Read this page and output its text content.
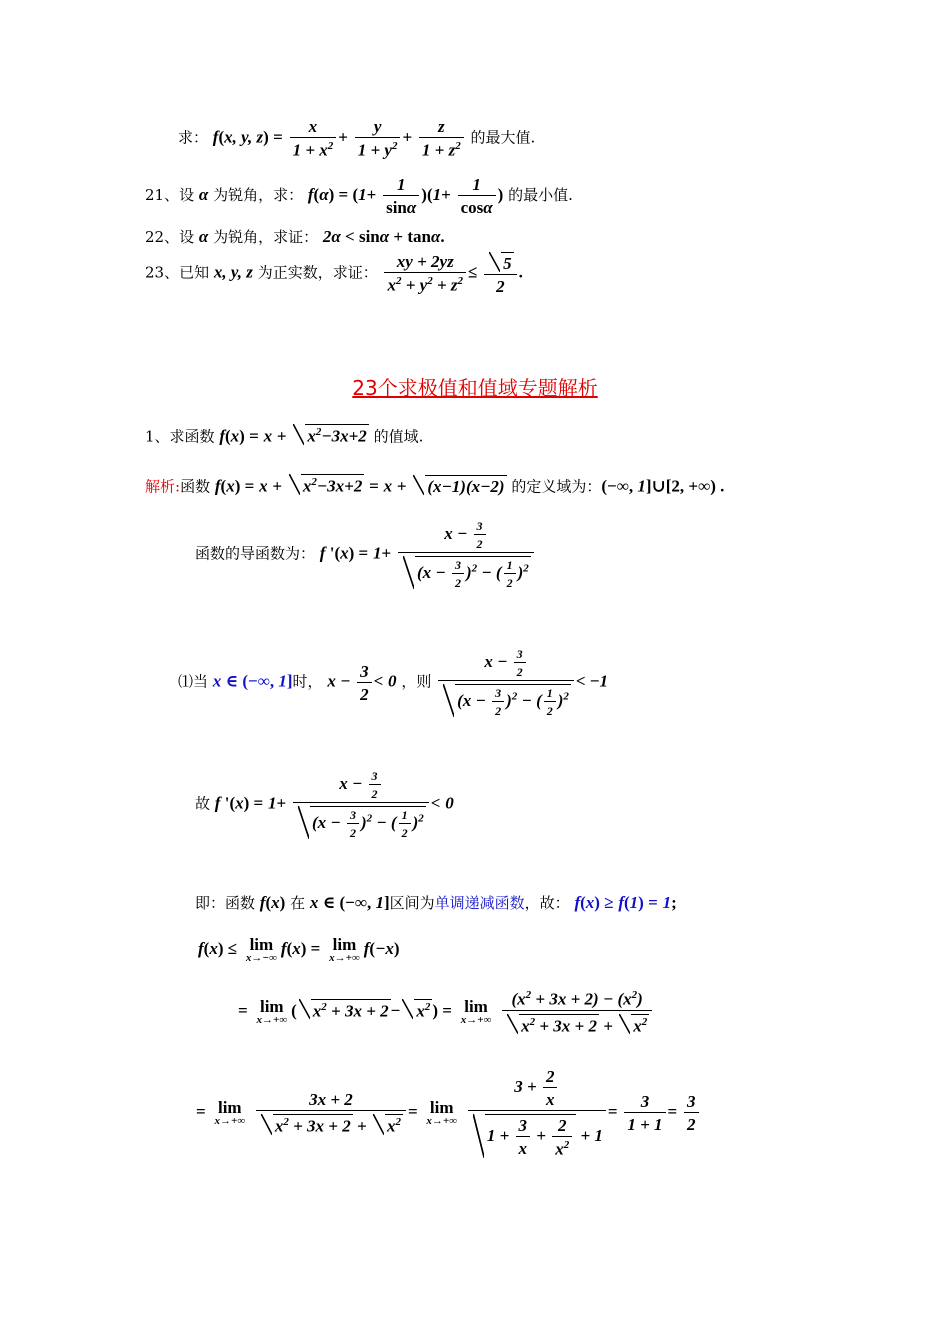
求： f(x, y, $z) = \frac{x}{1 + x^2} + \frac{y}{1 + y^2} + \frac{z}{1 + z^2}$ 的最大值.
21、设 α 为锐角，求： $f(\alpha) = (1+ \frac{1}{\sin\alpha} )(1+ \frac{1}{\cos\alpha}$ ) 的最小值.
22、设 α 为锐角，求证： 2α < sinα + tanα.
23、已知 x, y, z 为正实数，求证： $\frac{xy + 2yz}{x^2 + y^2 + z^2} \le \frac{5}{2}$ .
23个求极值和值域专题解析
1、求函数 $f(x) = x + x^2-3x+2$ 的值域.
解析:函数 $f(x) = x + x^2-3x+2 = x + (x-1)(x-2)$ 的定义域为：(−∞, 1]∪[2, +∞) .
函数的导函数为： f '$(x) = 1+ \frac{x - \frac{3}{2}}{(x - \frac{3}{2} )^2 - ( \frac{1}{2} )^2}$
⑴当 x ∈ (−∞, 1]时， $x - \frac{3}{2} < 0$ ，则 $\frac{x - \frac{3}{2}}{(x - \frac{3}{2} )^2 - ( \frac{1}{2} )^2} < -1$
故 f '$(x) = 1+ \frac{x - \frac{3}{2}}{(x - \frac{3}{2} )^2 - ( \frac{1}{2} )^2} < 0$
即：函数 f(x) 在 x ∈ (−∞, 1]区间为单调递减函数，故： f(x) ≥ f(1) = 1;
f(x) ≤ lim
x→−∞ f(x) = lim
x→+∞ f(−x)
= lim
x→+∞ ( $x^2 + 3x + 2 - x^2$ ) = lim
x→+∞
$\frac{(x^2 + 3x + 2) - (x^2)}{x^2 + 3x + 2 + x^2}$
= lim
x→+∞
$\frac{3x + 2}{x^2 + 3x + 2 + x^2} = \lim$
x→+∞
$\frac{3 + \frac{2}{x}}{1 + \frac{3}{x} + \frac{2}{x^2} + 1} = \frac{3}{1 + 1} = \frac{3}{2}$
